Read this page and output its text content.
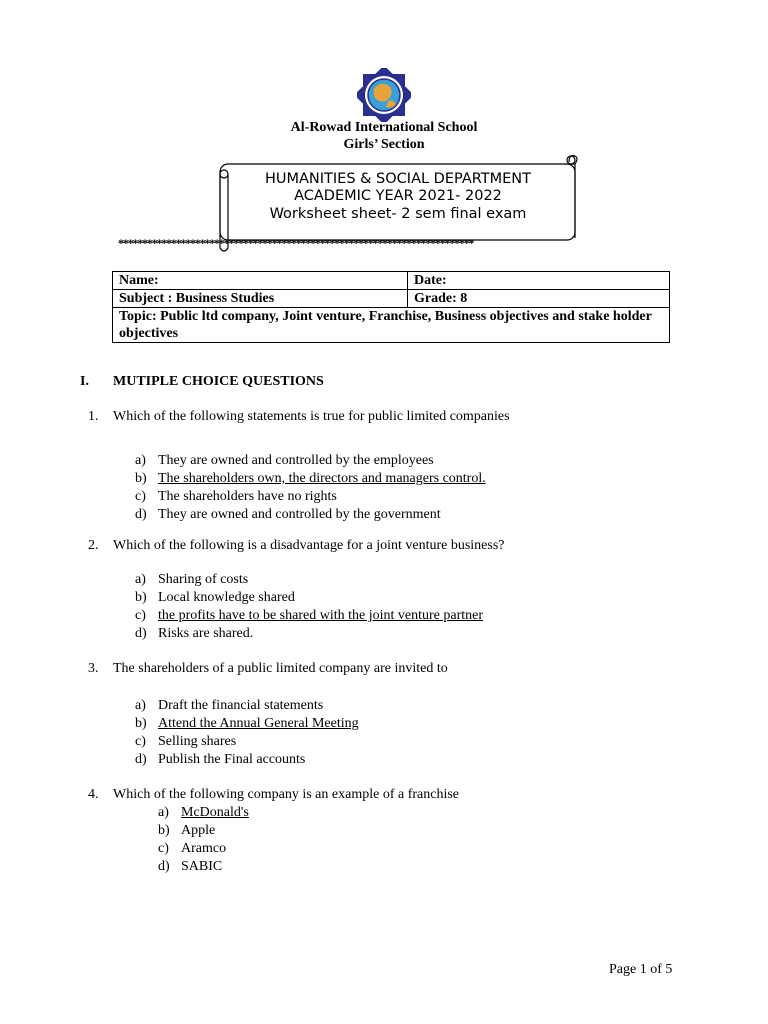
Al-Rowad International School
Girls’ Section
HUMANITIES & SOCIAL DEPARTMENT
ACADEMIC YEAR 2021- 2022
Worksheet sheet- 2 sem final exam
**************************************************************************
Name:	Date:
Subject : Business Studies	Grade: 8
Topic: Public ltd company, Joint venture, Franchise, Business objectives and stake holder objectives	
I. MUTIPLE CHOICE QUESTIONS
1. Which of the following statements is true for public limited companies
a) They are owned and controlled by the employees
b) The shareholders own, the directors and managers control.
c) The shareholders have no rights
d) They are owned and controlled by the government
2. Which of the following is a disadvantage for a joint venture business?
a) Sharing of costs
b) Local knowledge shared
c) the profits have to be shared with the joint venture partner
d) Risks are shared.
3. The shareholders of a public limited company are invited to
a) Draft the financial statements
b) Attend the Annual General Meeting
c) Selling shares
d) Publish the Final accounts
4. Which of the following company is an example of a franchise
a) McDonald's
b) Apple
c) Aramco
d) SABIC
Page 1 of 5
